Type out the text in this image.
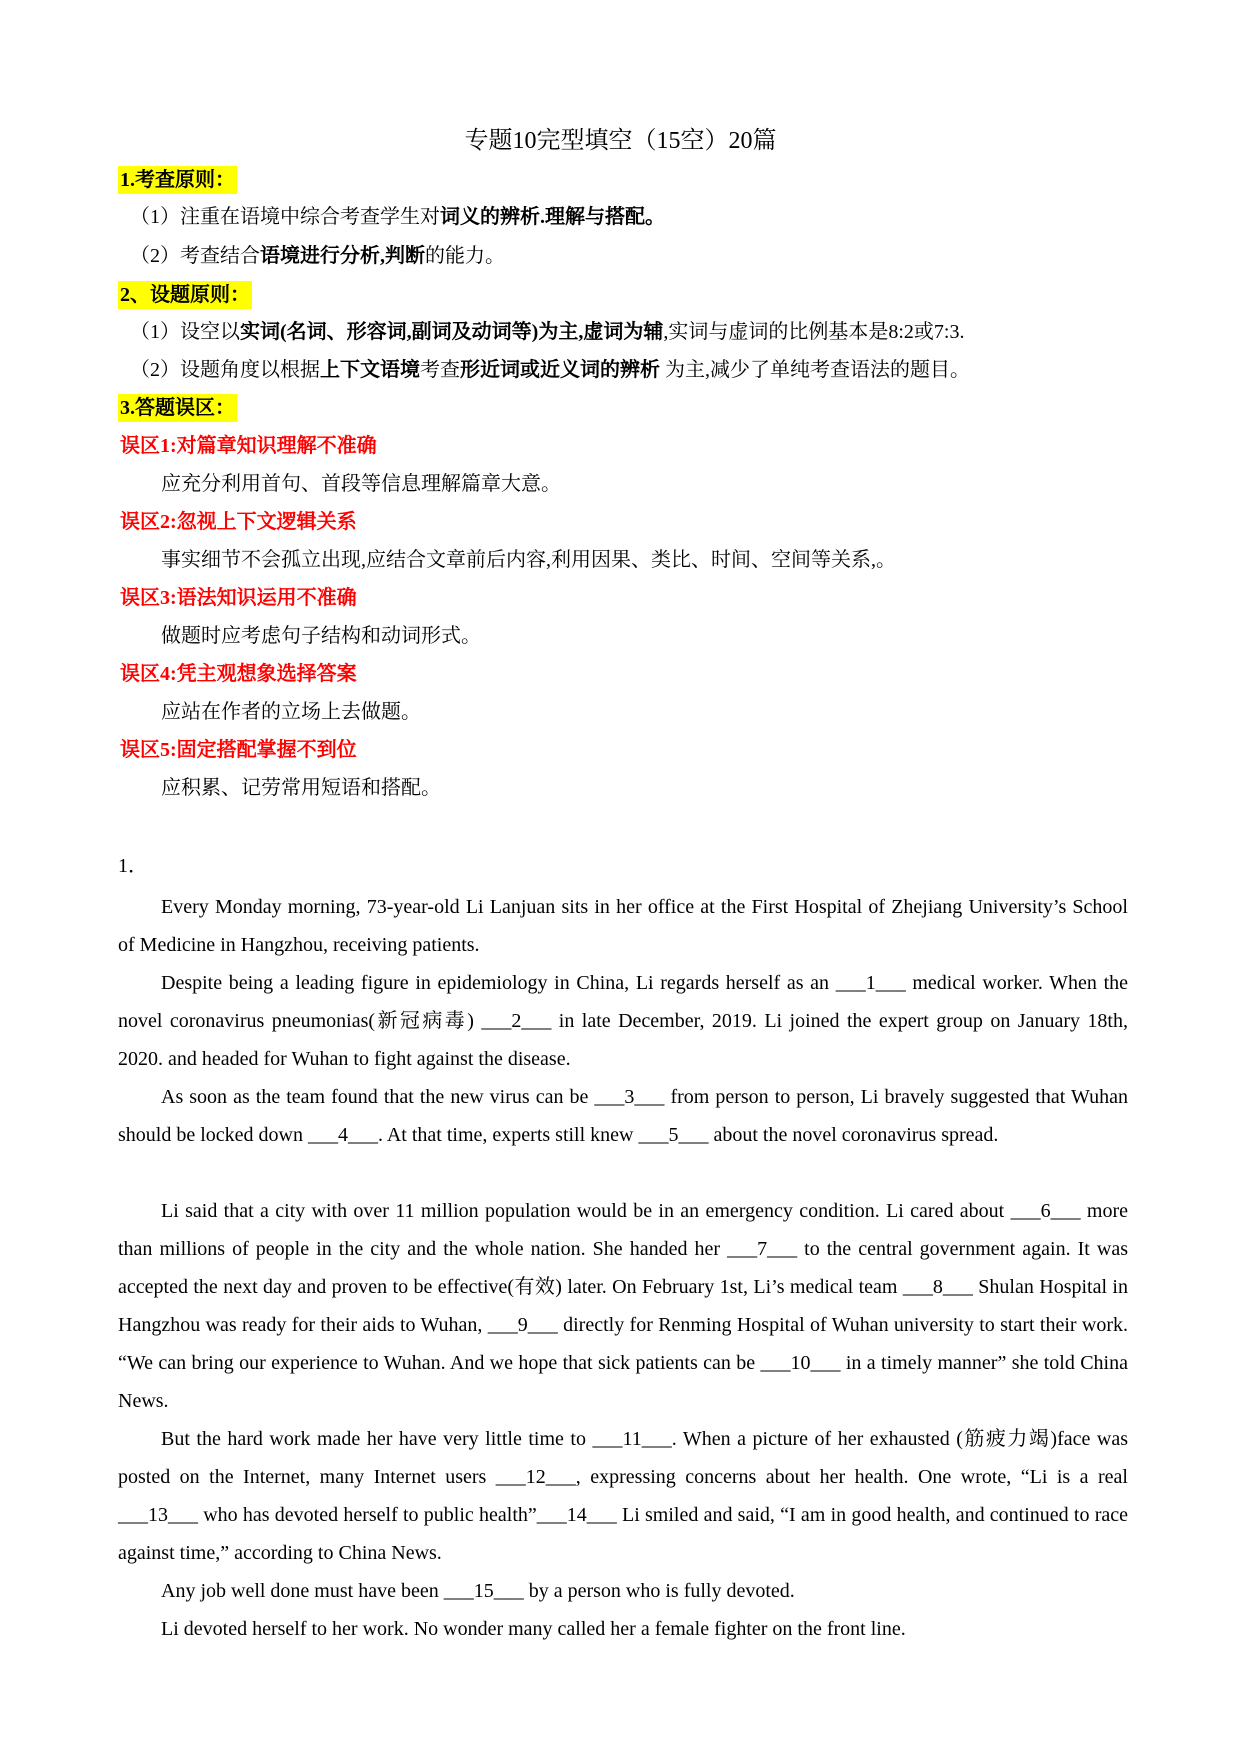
专题10完型填空（15空）20篇
1.考查原则：
（1）注重在语境中综合考查学生对词义的辨析.理解与搭配。
（2）考查结合语境进行分析,判断的能力。
2、设题原则：
（1）设空以实词(名词、形容词,副词及动词等)为主,虚词为辅,实词与虚词的比例基本是8:2或7:3.
（2）设题角度以根据上下文语境考查形近词或近义词的辨析 为主,减少了单纯考查语法的题目。
3.答题误区：
误区1:对篇章知识理解不准确
应充分利用首句、首段等信息理解篇章大意。
误区2:忽视上下文逻辑关系
事实细节不会孤立出现,应结合文章前后内容,利用因果、类比、时间、空间等关系,。
误区3:语法知识运用不准确
做题时应考虑句子结构和动词形式。
误区4:凭主观想象选择答案
应站在作者的立场上去做题。
误区5:固定搭配掌握不到位
应积累、记劳常用短语和搭配。
1．
Every Monday morning, 73-year-old Li Lanjuan sits in her office at the First Hospital of Zhejiang University’s School of Medicine in Hangzhou, receiving patients.
Despite being a leading figure in epidemiology in China, Li regards herself as an ___1___ medical worker. When the novel coronavirus pneumonias(新冠病毒) ___2___ in late December, 2019. Li joined the expert group on January 18th, 2020. and headed for Wuhan to fight against the disease.
As soon as the team found that the new virus can be ___3___ from person to person, Li bravely suggested that Wuhan should be locked down ___4___. At that time, experts still knew ___5___ about the novel coronavirus spread.
Li said that a city with over 11 million population would be in an emergency condition. Li cared about ___6___ more than millions of people in the city and the whole nation. She handed her ___7___ to the central government again. It was accepted the next day and proven to be effective(有效) later. On February 1st, Li’s medical team ___8___ Shulan Hospital in Hangzhou was ready for their aids to Wuhan, ___9___ directly for Renming Hospital of Wuhan university to start their work. “We can bring our experience to Wuhan. And we hope that sick patients can be ___10___ in a timely manner” she told China News.
But the hard work made her have very little time to ___11___. When a picture of her exhausted (筋疲力竭)face was posted on the Internet, many Internet users ___12___, expressing concerns about her health. One wrote, “Li is a real ___13___ who has devoted herself to public health”___14___ Li smiled and said, “I am in good health, and continued to race against time,” according to China News.
Any job well done must have been ___15___ by a person who is fully devoted.
Li devoted herself to her work. No wonder many called her a female fighter on the front line.
